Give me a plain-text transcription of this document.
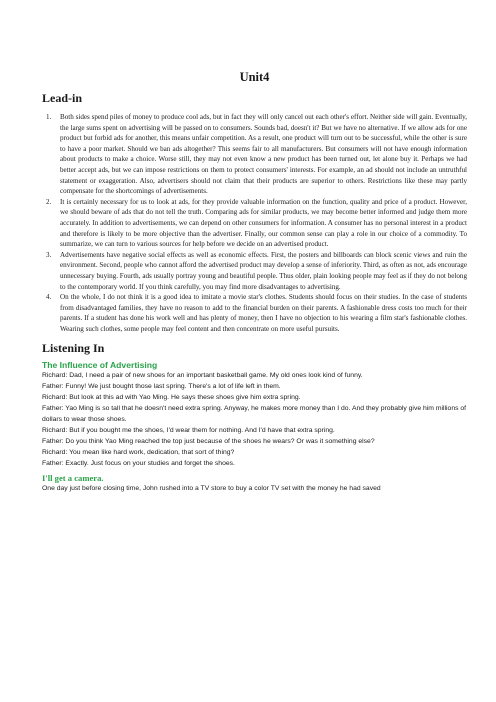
Unit4
Lead-in
1. Both sides spend piles of money to produce cool ads, but in fact they will only cancel out each other's effort. Neither side will gain. Eventually, the large sums spent on advertising will be passed on to consumers. Sounds bad, doesn't it? But we have no alternative. If we allow ads for one product but forbid ads for another, this means unfair competition. As a result, one product will turn out to be successful, while the other is sure to have a poor market. Should we ban ads altogether? This seems fair to all manufacturers. But consumers will not have enough information about products to make a choice. Worse still, they may not even know a new product has been turned out, let alone buy it. Perhaps we had better accept ads, but we can impose restrictions on them to protect consumers' interests. For example, an ad should not include an untruthful statement or exaggeration. Also, advertisers should not claim that their products are superior to others. Restrictions like these may partly compensate for the shortcomings of advertisements.
2. It is certainly necessary for us to look at ads, for they provide valuable information on the function, quality and price of a product. However, we should beware of ads that do not tell the truth. Comparing ads for similar products, we may become better informed and judge them more accurately. In addition to advertisements, we can depend on other consumers for information. A consumer has no personal interest in a product and therefore is likely to be more objective than the advertiser. Finally, our common sense can play a role in our choice of a commodity. To summarize, we can turn to various sources for help before we decide on an advertised product.
3. Advertisements have negative social effects as well as economic effects. First, the posters and billboards can block scenic views and ruin the environment. Second, people who cannot afford the advertised product may develop a sense of inferiority. Third, as often as not, ads encourage unnecessary buying. Fourth, ads usually portray young and beautiful people. Thus older, plain looking people may feel as if they do not belong to the contemporary world. If you think carefully, you may find more disadvantages to advertising.
4. On the whole, I do not think it is a good idea to imitate a movie star's clothes. Students should focus on their studies. In the case of students from disadvantaged families, they have no reason to add to the financial burden on their parents. A fashionable dress costs too much for their parents. If a student has done his work well and has plenty of money, then I have no objection to his wearing a film star's fashionable clothes. Wearing such clothes, some people may feel content and then concentrate on more useful pursuits.
Listening In
The Influence of Advertising

Richard: Dad, I need a pair of new shoes for an important basketball game. My old ones look kind of funny.

Father: Funny! We just bought those last spring. There's a lot of life left in them.

Richard: But look at this ad with Yao Ming. He says these shoes give him extra spring.

Father: Yao Ming is so tall that he doesn't need extra spring. Anyway, he makes more money than I do. And they probably give him millions of dollars to wear those shoes.

Richard: But if you bought me the shoes, I'd wear them for nothing. And I'd have that extra spring.

Father: Do you think Yao Ming reached the top just because of the shoes he wears? Or was it something else?

Richard: You mean like hard work, dedication, that sort of thing?

Father: Exactly. Just focus on your studies and forget the shoes.

I'll get a camera.

One day just before closing time, John rushed into a TV store to buy a color TV set with the money he had saved
